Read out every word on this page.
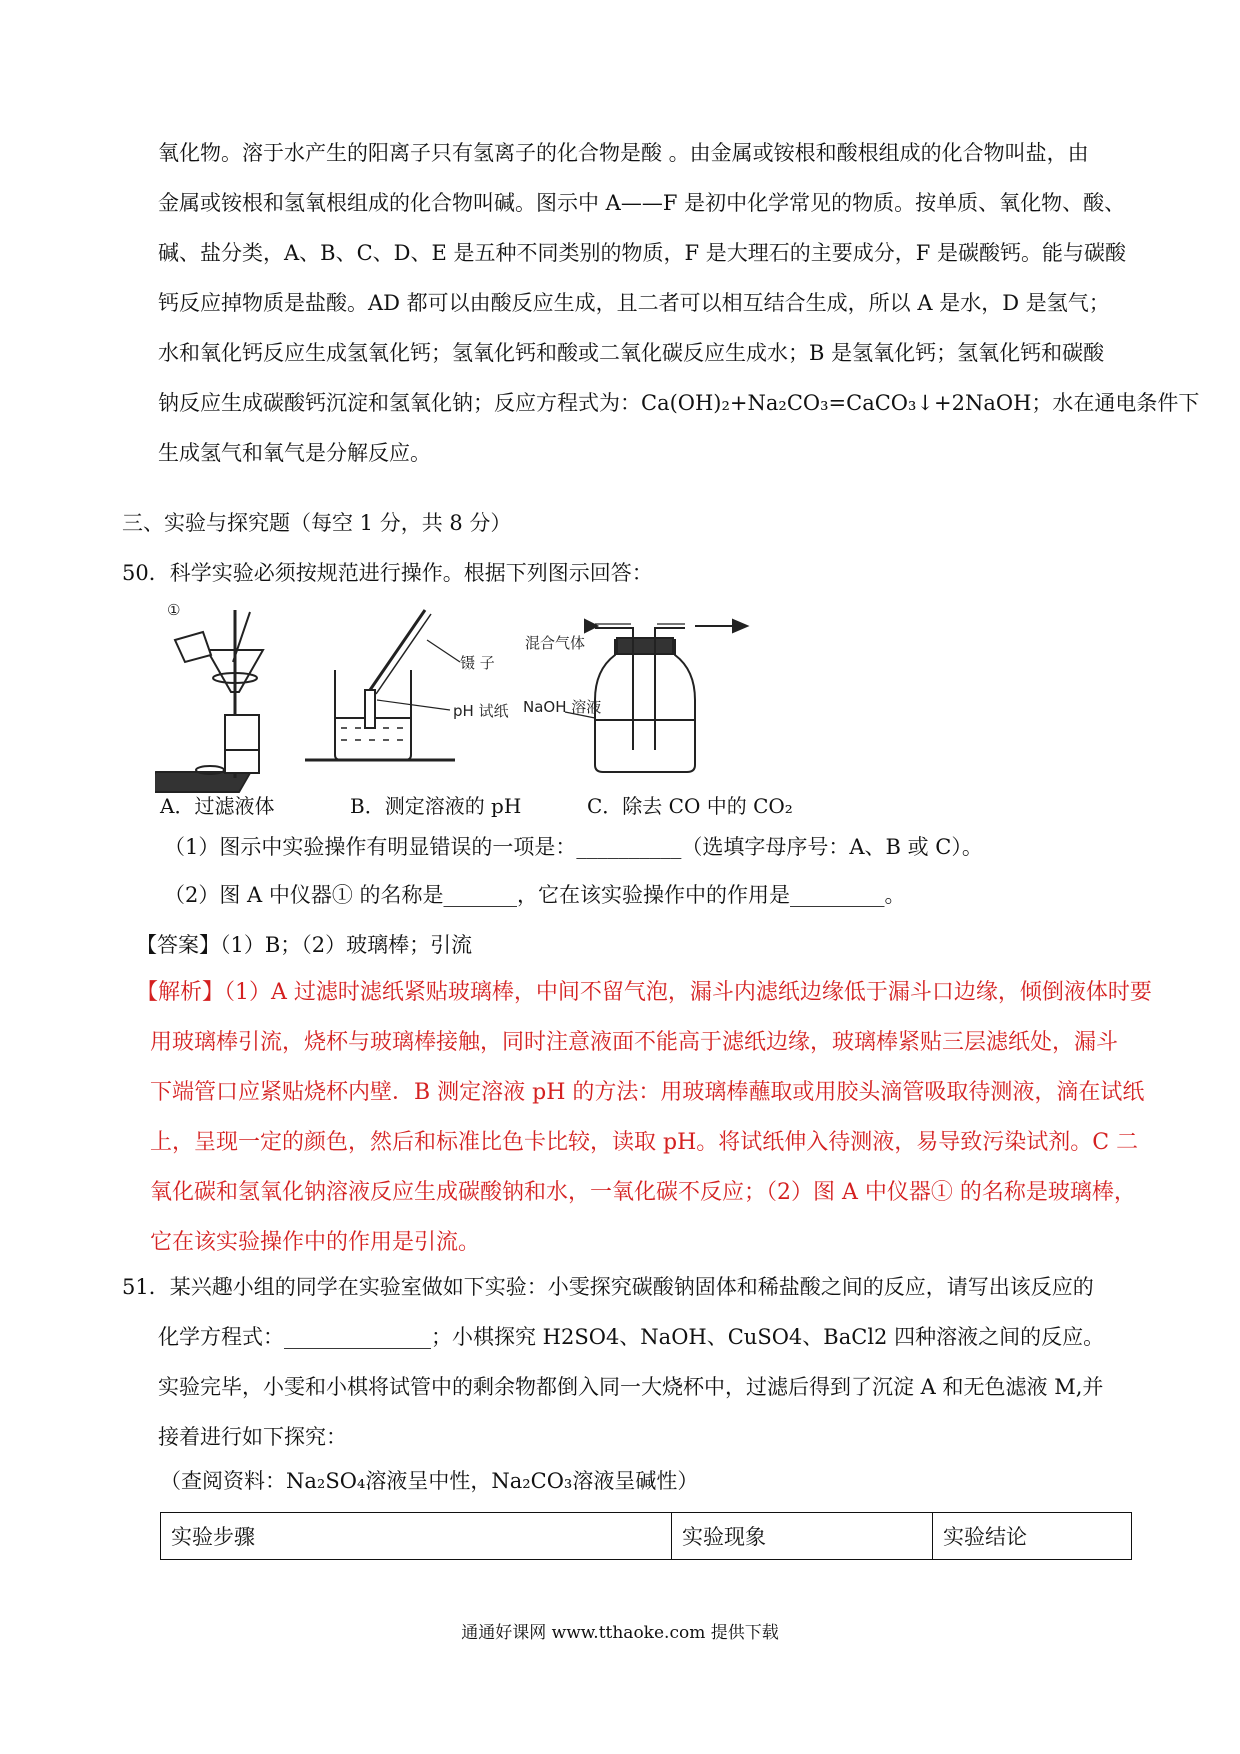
氧化物。溶于水产生的阳离子只有氢离子的化合物是酸 。由金属或铵根和酸根组成的化合物叫盐，由
金属或铵根和氢氧根组成的化合物叫碱。图示中 A——F 是初中化学常见的物质。按单质、氧化物、酸、
碱、盐分类，A、B、C、D、E 是五种不同类别的物质，F 是大理石的主要成分，F 是碳酸钙。能与碳酸
钙反应掉物质是盐酸。AD 都可以由酸反应生成，且二者可以相互结合生成，所以 A 是水，D 是氢气；
水和氧化钙反应生成氢氧化钙；氢氧化钙和酸或二氧化碳反应生成水；B 是氢氧化钙；氢氧化钙和碳酸
钠反应生成碳酸钙沉淀和氢氧化钠；反应方程式为：Ca(OH)₂+Na₂CO₃=CaCO₃↓+2NaOH；水在通电条件下
生成氢气和氧气是分解反应。

三、实验与探究题（每空 1 分，共 8 分）

50．科学实验必须按规范进行操作。根据下列图示回答：

①
镊 子
pH 试纸
混合气体
NaOH 溶液
A．过滤液体	B．测定溶液的 pH	C．除去 CO 中的 CO₂

（1）图示中实验操作有明显错误的一项是：__________（选填字母序号：A、B 或 C）。

（2）图 A 中仪器① 的名称是_______，它在该实验操作中的作用是_________。

【答案】（1）B；（2）玻璃棒；引流

【解析】（1）A 过滤时滤纸紧贴玻璃棒，中间不留气泡，漏斗内滤纸边缘低于漏斗口边缘，倾倒液体时要
用玻璃棒引流，烧杯与玻璃棒接触，同时注意液面不能高于滤纸边缘，玻璃棒紧贴三层滤纸处，漏斗
下端管口应紧贴烧杯内壁．B 测定溶液 pH 的方法：用玻璃棒蘸取或用胶头滴管吸取待测液，滴在试纸
上，呈现一定的颜色，然后和标准比色卡比较，读取 pH。将试纸伸入待测液，易导致污染试剂。C 二
氧化碳和氢氧化钠溶液反应生成碳酸钠和水，一氧化碳不反应；（2）图 A 中仪器① 的名称是玻璃棒，
它在该实验操作中的作用是引流。
51．某兴趣小组的同学在实验室做如下实验：小雯探究碳酸钠固体和稀盐酸之间的反应，请写出该反应的
化学方程式：______________；小棋探究 H2SO4、NaOH、CuSO4、BaCl2 四种溶液之间的反应。
实验完毕，小雯和小棋将试管中的剩余物都倒入同一大烧杯中，过滤后得到了沉淀 A 和无色滤液 M,并
接着进行如下探究：

（查阅资料：Na₂SO₄溶液呈中性，Na₂CO₃溶液呈碱性）

实验步骤	实验现象	实验结论
通通好课网 www.tthaoke.com 提供下载
